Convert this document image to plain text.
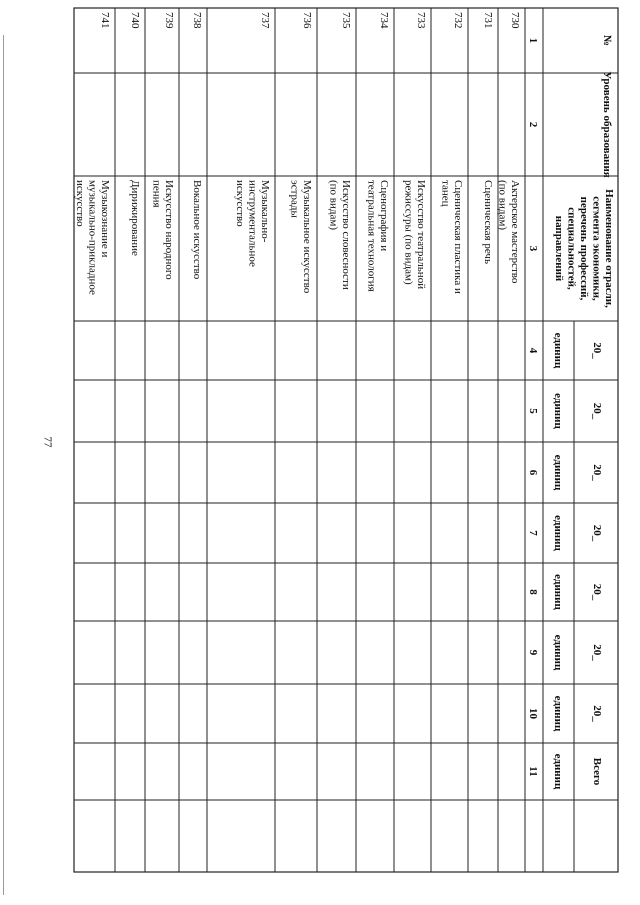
77
№
Уровень образования
Наименование отрасли,
сегмента экономики,
перечень профессий,
специальностей,
направлений
20_
единиц
20_
единиц
20_
единиц
20_
единиц
20_
единиц
20_
единиц
20_
единиц
Всего
единиц
1
2
3
4
5
6
7
8
9
10
11
730
Актерское мастерство
(по видам)
731
Сценическая речь
732
Сценическая пластика и
танец
733
Искусство театральной
режиссуры (по видам)
734
Сценография и
театральная технология
735
Искусство словесности
(по видам)
736
Музыкальное искусство
эстрады
737
Музыкально-
инструментальное
искусство
738
Вокальное искусство
739
Искусство народного
пения
740
Дирижирование
741
Музыкознание и
музыкально-прикладное
искусство
